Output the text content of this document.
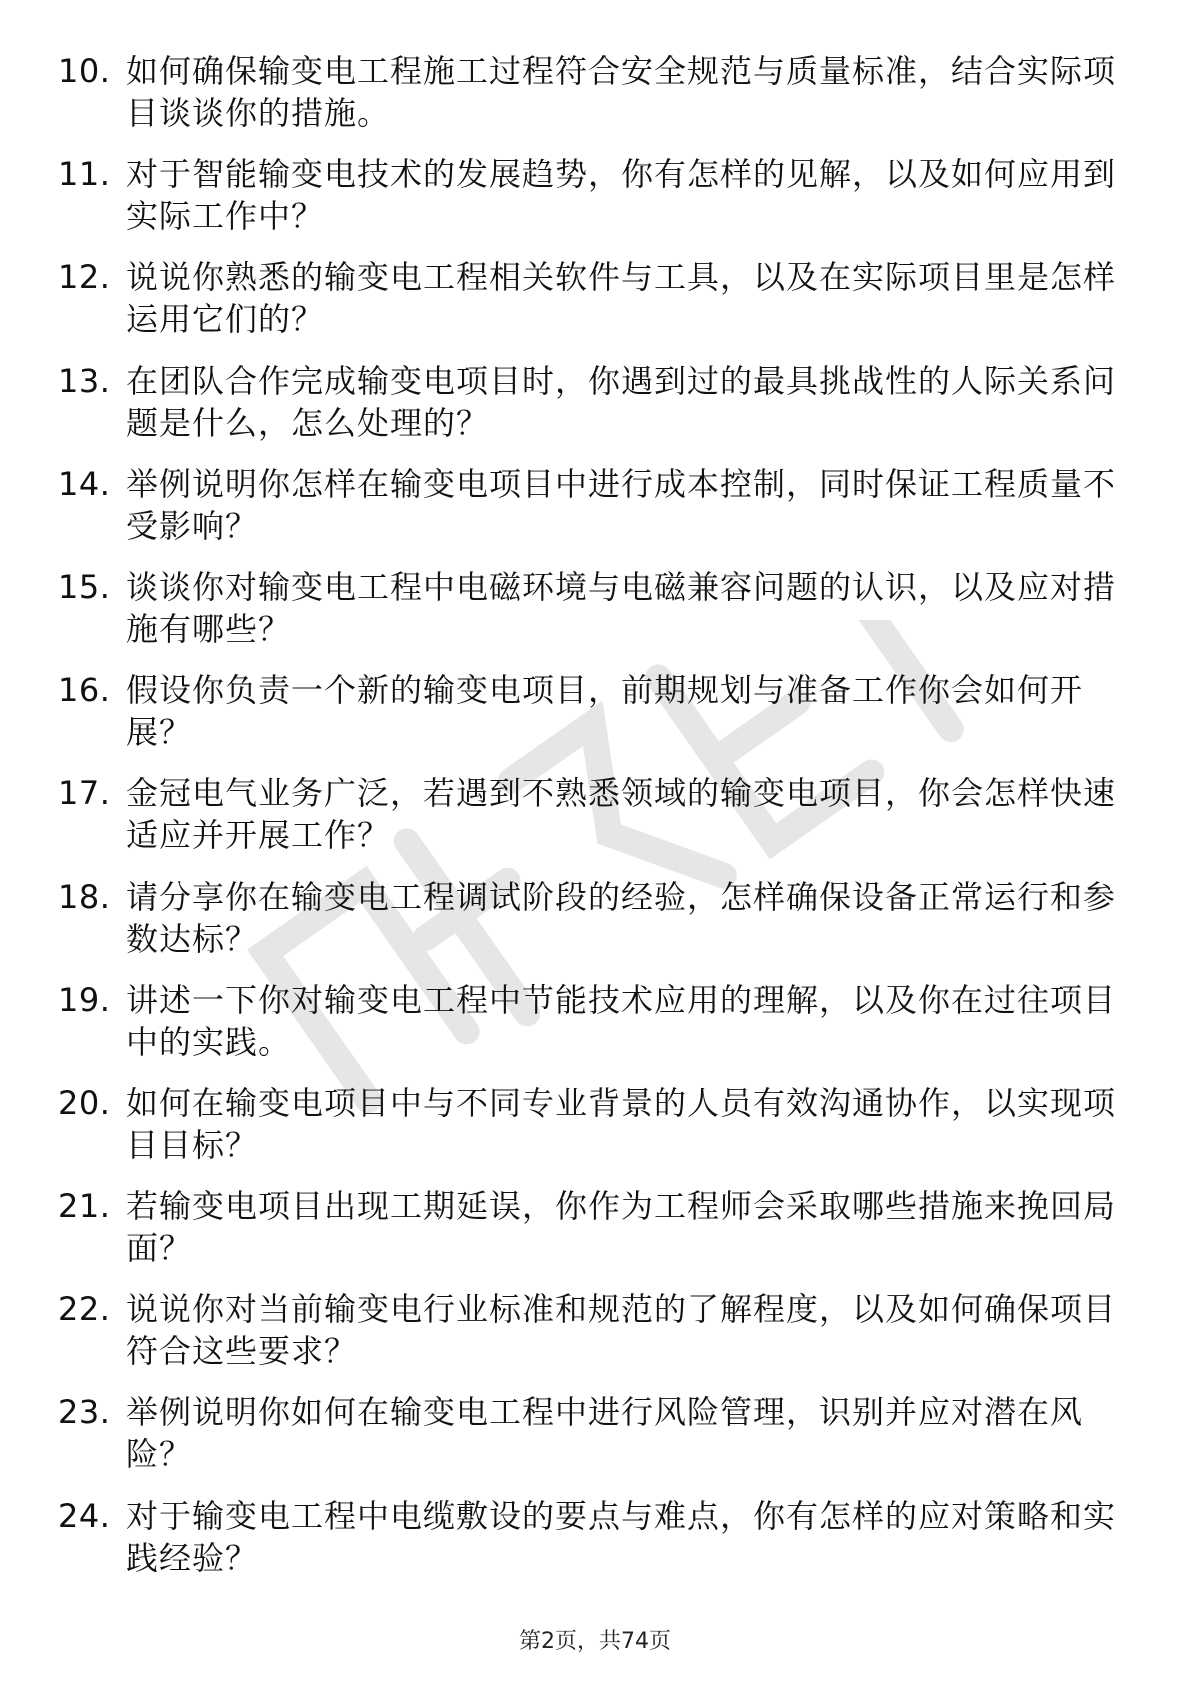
10. 如何确保输变电工程施工过程符合安全规范与质量标准，结合实际项目谈谈你的措施。
11. 对于智能输变电技术的发展趋势，你有怎样的见解，以及如何应用到实际工作中？
12. 说说你熟悉的输变电工程相关软件与工具，以及在实际项目里是怎样运用它们的？
13. 在团队合作完成输变电项目时，你遇到过的最具挑战性的人际关系问题是什么，怎么处理的？
14. 举例说明你怎样在输变电项目中进行成本控制，同时保证工程质量不受影响？
15. 谈谈你对输变电工程中电磁环境与电磁兼容问题的认识，以及应对措施有哪些？
16. 假设你负责一个新的输变电项目，前期规划与准备工作你会如何开展？
17. 金冠电气业务广泛，若遇到不熟悉领域的输变电项目，你会怎样快速适应并开展工作？
18. 请分享你在输变电工程调试阶段的经验，怎样确保设备正常运行和参数达标？
19. 讲述一下你对输变电工程中节能技术应用的理解，以及你在过往项目中的实践。
20. 如何在输变电项目中与不同专业背景的人员有效沟通协作，以实现项目目标？
21. 若输变电项目出现工期延误，你作为工程师会采取哪些措施来挽回局面？
22. 说说你对当前输变电行业标准和规范的了解程度，以及如何确保项目符合这些要求？
23. 举例说明你如何在输变电工程中进行风险管理，识别并应对潜在风险？
24. 对于输变电工程中电缆敷设的要点与难点，你有怎样的应对策略和实践经验？
第2页，共74页
